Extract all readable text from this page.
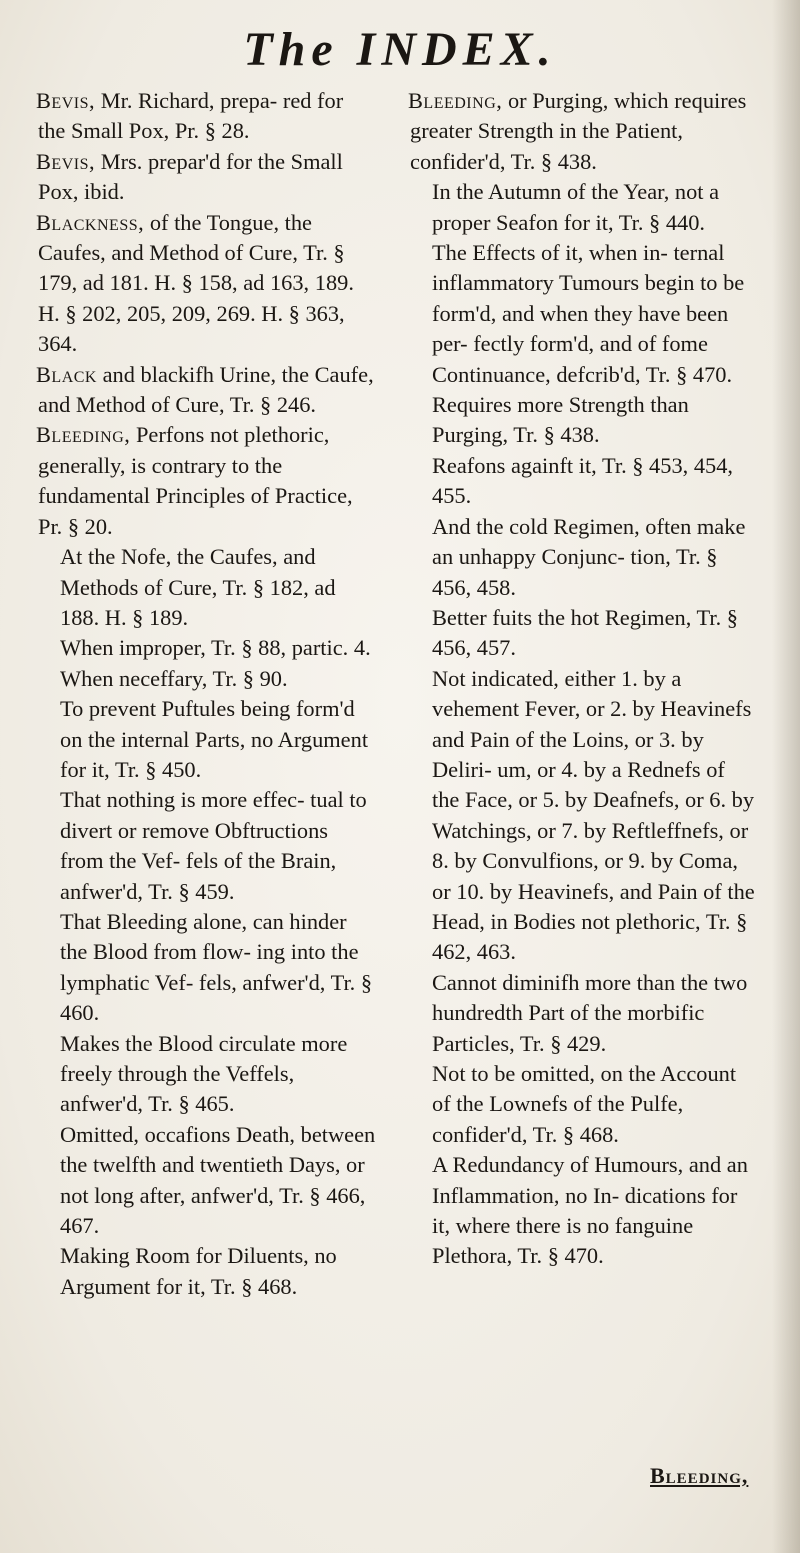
The INDEX.

Bevis, Mr. Richard, prepa- red for the Small Pox, Pr. § 28.

Bevis, Mrs. prepar'd for the Small Pox, ibid.

Blackness, of the Tongue, the Caufes, and Method of Cure, Tr. § 179, ad 181. H. § 158, ad 163, 189. H. § 202, 205, 209, 269. H. § 363, 364.

Black and blackifh Urine, the Caufe, and Method of Cure, Tr. § 246.

Bleeding, Perfons not plethoric, generally, is contrary to the fundamental Principles of Practice, Pr. § 20.

At the Nofe, the Caufes, and Methods of Cure, Tr. § 182, ad 188. H. § 189.

When improper, Tr. § 88, partic. 4.

When neceffary, Tr. § 90.

To prevent Puftules being form'd on the internal Parts, no Argument for it, Tr. § 450.

That nothing is more effec- tual to divert or remove Obftructions from the Vef- fels of the Brain, anfwer'd, Tr. § 459.

That Bleeding alone, can hinder the Blood from flow- ing into the lymphatic Vef- fels, anfwer'd, Tr. § 460.

Makes the Blood circulate more freely through the Veffels, anfwer'd, Tr. § 465.

Omitted, occafions Death, between the twelfth and twentieth Days, or not long after, anfwer'd, Tr. § 466, 467.

Making Room for Diluents, no Argument for it, Tr. § 468.

Bleeding, or Purging, which requires greater Strength in the Patient, confider'd, Tr. § 438.

In the Autumn of the Year, not a proper Seafon for it, Tr. § 440.

The Effects of it, when in- ternal inflammatory Tumours begin to be form'd, and when they have been per- fectly form'd, and of fome Continuance, defcrib'd, Tr. § 470.

Requires more Strength than Purging, Tr. § 438.

Reafons againft it, Tr. § 453, 454, 455.

And the cold Regimen, often make an unhappy Conjunc- tion, Tr. § 456, 458.

Better fuits the hot Regimen, Tr. § 456, 457.

Not indicated, either 1. by a vehement Fever, or 2. by Heavinefs and Pain of the Loins, or 3. by Deliri- um, or 4. by a Rednefs of the Face, or 5. by Deafnefs, or 6. by Watchings, or 7. by Reftleffnefs, or 8. by Convulfions, or 9. by Coma, or 10. by Heavinefs, and Pain of the Head, in Bodies not plethoric, Tr. § 462, 463.

Cannot diminifh more than the two hundredth Part of the morbific Particles, Tr. § 429.

Not to be omitted, on the Account of the Lownefs of the Pulfe, confider'd, Tr. § 468.

A Redundancy of Humours, and an Inflammation, no In- dications for it, where there is no fanguine Plethora, Tr. § 470.

Bleeding,
